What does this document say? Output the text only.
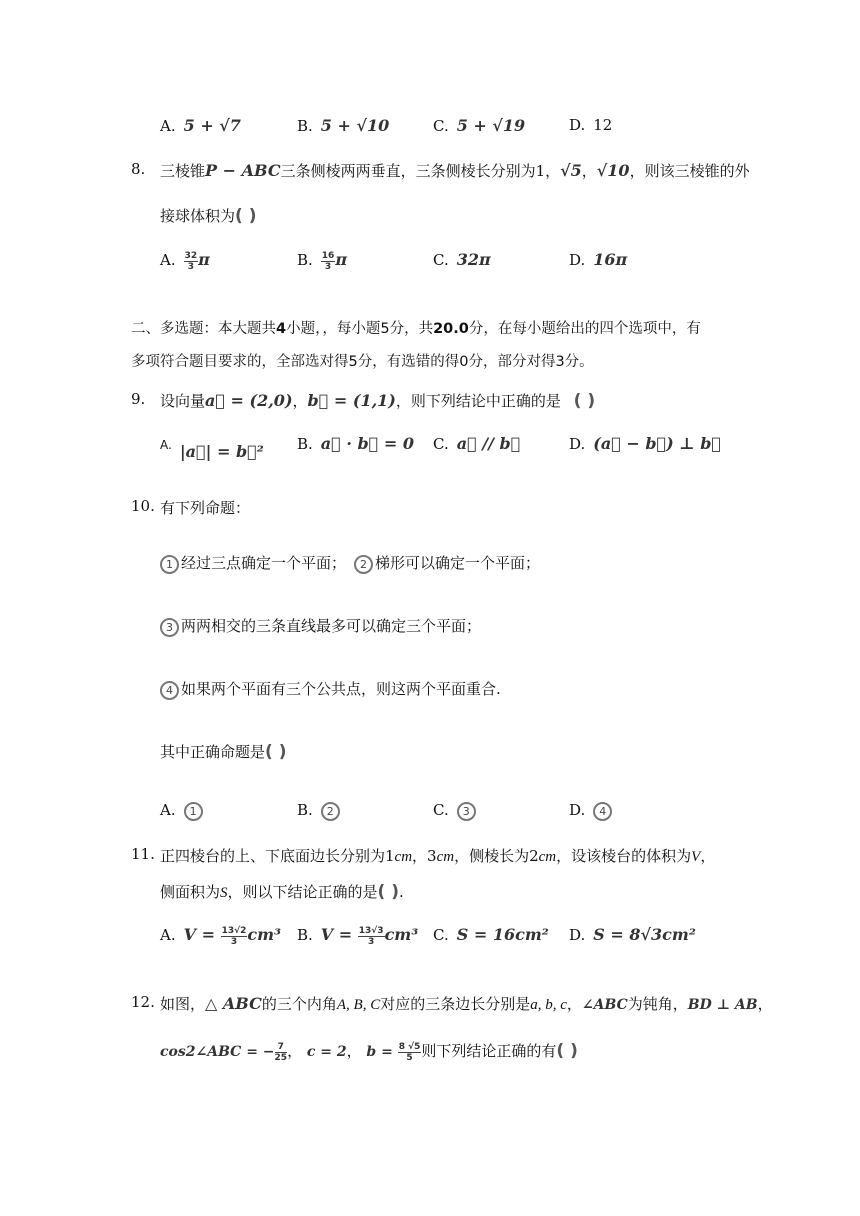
A. 5 + √7	B. 5 + √10	C. 5 + √19	D. 12
8. 三棱锥P − ABC三条侧棱两两垂直，三条侧棱长分别为1，√5，√10，则该三棱锥的外
接球体积为( )
A. $\frac{32}{3}$ π	B. $\frac{16}{3}$ π	C. 32π	D. 16π
二、多选题：本大题共4小题，，每小题5分，共20.0分，在每小题给出的四个选项中，有
多项符合题目要求的，全部选对得5分，有选错的得0分，部分对得3分。
9. 设向量a⃗ = (2,0)，b⃗ = (1,1)，则下列结论中正确的是 ( )
A. |a⃗| = b⃗² B. a⃗ · b⃗ = 0 C. a⃗ // b⃗	D. (a⃗ − b⃗) ⊥ b⃗
10. 有下列命题：
1 经过三点确定一个平面；	2 梯形可以确定一个平面；
3 两两相交的三条直线最多可以确定三个平面；
4 如果两个平面有三个公共点，则这两个平面重合.
其中正确命题是( )
A. 1	B. 2	C. 3	D. 4
11. 正四棱台的上、下底面边长分别为1cm，3cm，侧棱长为2cm，设该棱台的体积为V，
侧面积为S，则以下结论正确的是( ).
A. $V = \frac{13√2}{3} cm^3$ B. $V = \frac{13√3}{3} cm^3$ C. S = 16cm² D. S = 8√3cm²
12. 如图，△ ABC的三个内角A, B, C对应的三条边长分别是a, b, c，∠ABC为钝角，BD ⊥ AB，
cos2∠ABC = − $\frac{7}{25}$ ， c = 2， $b = \frac{8 √5}{5}$ 则下列结论正确的有( )
